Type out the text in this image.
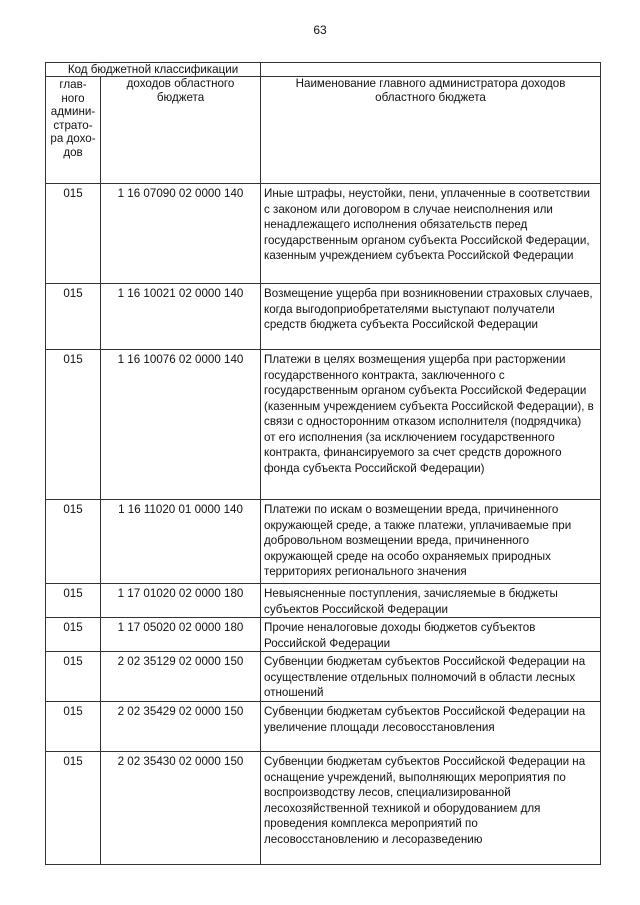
63
Код бюджетной классификации		
глав-ного админи-страто-ра дохо-дов	доходов областного бюджета	Наименование главного администратора доходов областного бюджета
015	1 16 07090 02 0000 140	Иные штрафы, неустойки, пени, уплаченные в соответствии с законом или договором в случае неисполнения или ненадлежащего исполнения обязательств перед государственным органом субъекта Российской Федерации, казенным учреждением субъекта Российской Федерации
015	1 16 10021 02 0000 140	Возмещение ущерба при возникновении страховых случаев, когда выгодоприобретателями выступают получатели средств бюджета субъекта Российской Федерации
015	1 16 10076 02 0000 140	Платежи в целях возмещения ущерба при расторжении государственного контракта, заключенного с государственным органом субъекта Российской Федерации (казенным учреждением субъекта Российской Федерации), в связи с односторонним отказом исполнителя (подрядчика) от его исполнения (за исключением государственного контракта, финансируемого за счет средств дорожного фонда субъекта Российской Федерации)
015	1 16 11020 01 0000 140	Платежи по искам о возмещении вреда, причиненного окружающей среде, а также платежи, уплачиваемые при добровольном возмещении вреда, причиненного окружающей среде на особо охраняемых природных территориях регионального значения
015	1 17 01020 02 0000 180	Невыясненные поступления, зачисляемые в бюджеты субъектов Российской Федерации
015	1 17 05020 02 0000 180	Прочие неналоговые доходы бюджетов субъектов Российской Федерации
015	2 02 35129 02 0000 150	Субвенции бюджетам субъектов Российской Федерации на осуществление отдельных полномочий в области лесных отношений
015	2 02 35429 02 0000 150	Субвенции бюджетам субъектов Российской Федерации на увеличение площади лесовосстановления
015	2 02 35430 02 0000 150	Субвенции бюджетам субъектов Российской Федерации на оснащение учреждений, выполняющих мероприятия по воспроизводству лесов, специализированной лесохозяйственной техникой и оборудованием для проведения комплекса мероприятий по лесовосстановлению и лесоразведению
